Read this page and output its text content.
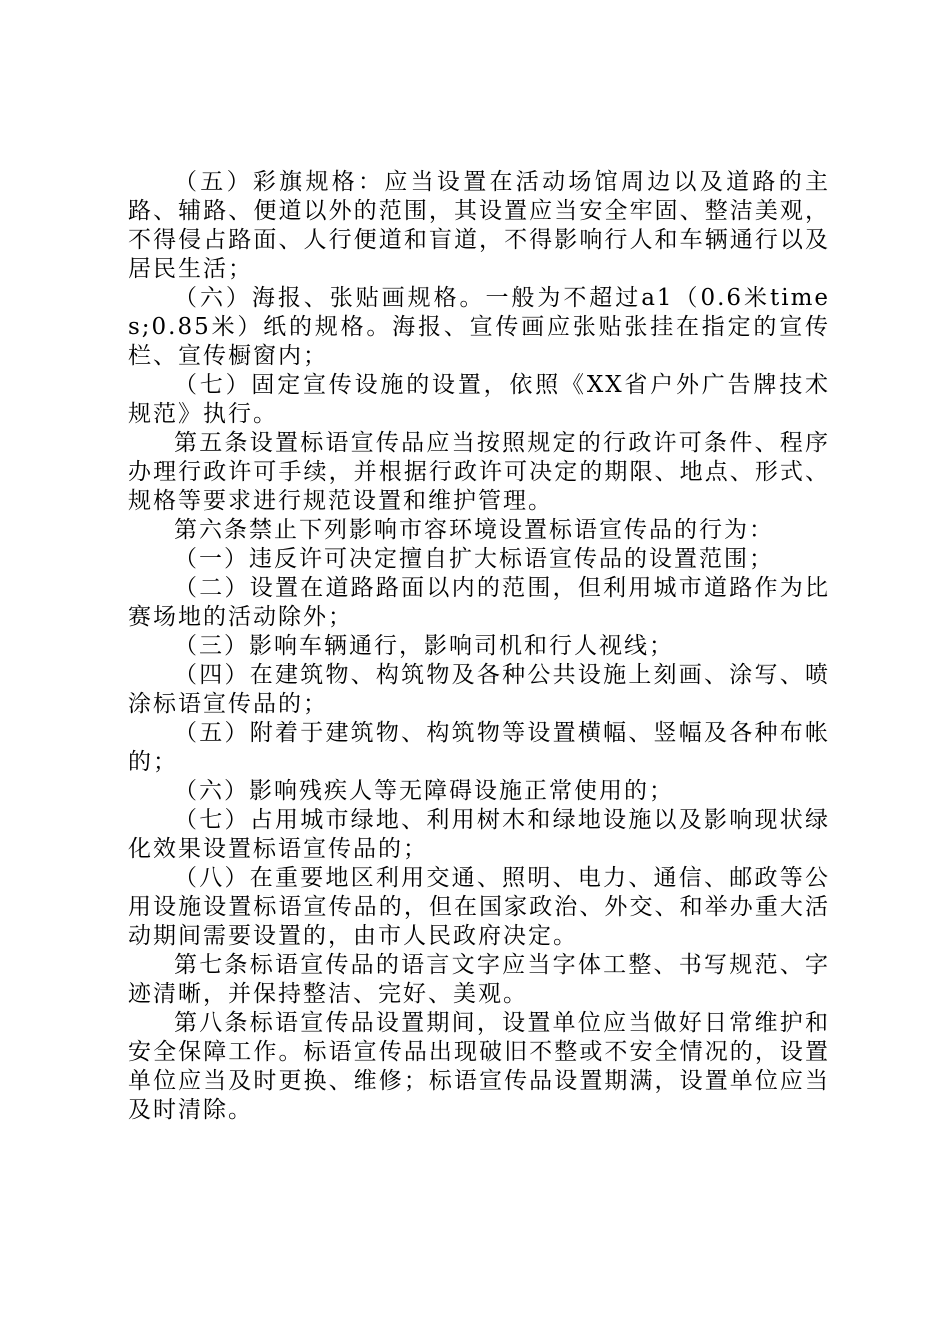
（五）彩旗规格：应当设置在活动场馆周边以及道路的主路、辅路、便道以外的范围，其设置应当安全牢固、整洁美观，不得侵占路面、人行便道和盲道，不得影响行人和车辆通行以及居民生活；

（六）海报、张贴画规格。一般为不超过a1（0.6米times;0.85米）纸的规格。海报、宣传画应张贴张挂在指定的宣传栏、宣传橱窗内；

（七）固定宣传设施的设置，依照《XX省户外广告牌技术规范》执行。

第五条设置标语宣传品应当按照规定的行政许可条件、程序办理行政许可手续，并根据行政许可决定的期限、地点、形式、规格等要求进行规范设置和维护管理。

第六条禁止下列影响市容环境设置标语宣传品的行为：

（一）违反许可决定擅自扩大标语宣传品的设置范围；

（二）设置在道路路面以内的范围，但利用城市道路作为比赛场地的活动除外；

（三）影响车辆通行，影响司机和行人视线；

（四）在建筑物、构筑物及各种公共设施上刻画、涂写、喷涂标语宣传品的；

（五）附着于建筑物、构筑物等设置横幅、竖幅及各种布帐的；

（六）影响残疾人等无障碍设施正常使用的；

（七）占用城市绿地、利用树木和绿地设施以及影响现状绿化效果设置标语宣传品的；

（八）在重要地区利用交通、照明、电力、通信、邮政等公用设施设置标语宣传品的，但在国家政治、外交、和举办重大活动期间需要设置的，由市人民政府决定。

第七条标语宣传品的语言文字应当字体工整、书写规范、字迹清晰，并保持整洁、完好、美观。

第八条标语宣传品设置期间，设置单位应当做好日常维护和安全保障工作。标语宣传品出现破旧不整或不安全情况的，设置单位应当及时更换、维修；标语宣传品设置期满，设置单位应当及时清除。
